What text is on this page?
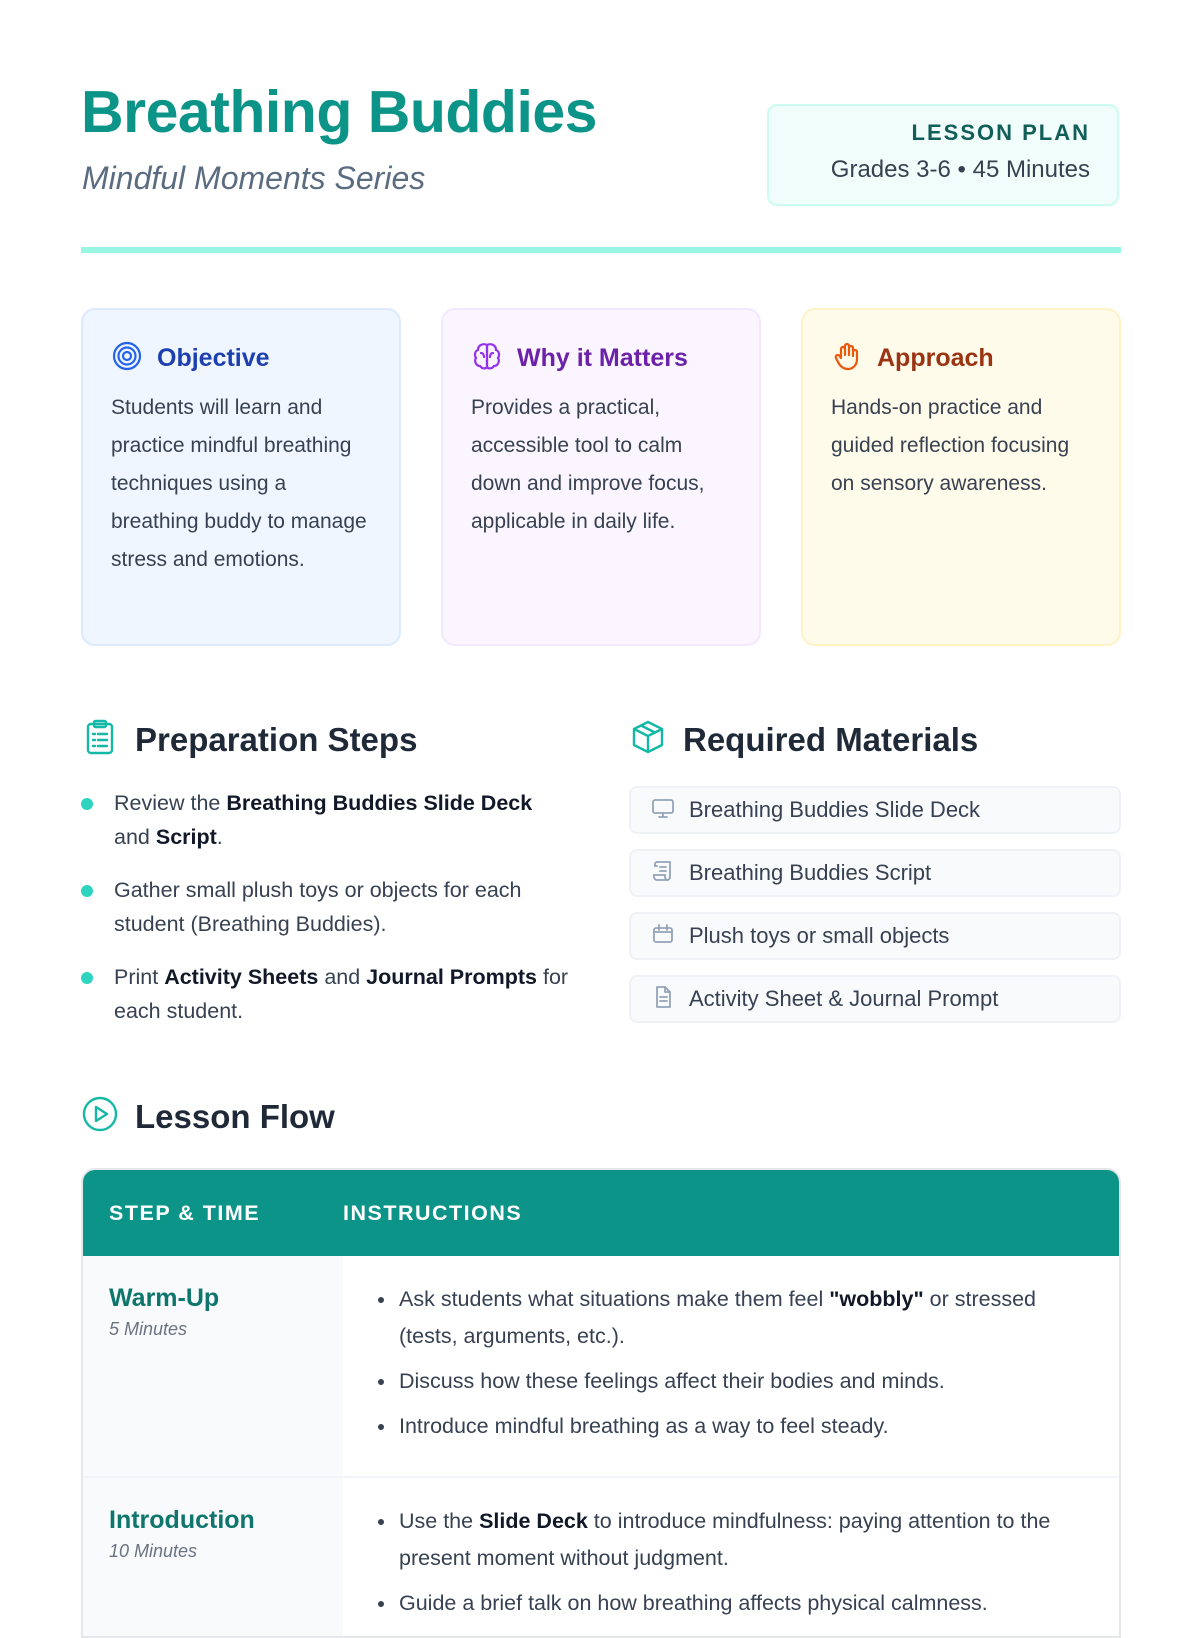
Breathing Buddies

Mindful Moments Series

LESSON PLAN
Grades 3-6 • 45 Minutes
Objective
Students will learn and practice mindful breathing techniques using a breathing buddy to manage stress and emotions.
Why it Matters
Provides a practical, accessible tool to calm down and improve focus, applicable in daily life.
Approach
Hands-on practice and guided reflection focusing on sensory awareness.
Preparation Steps
Review the Breathing Buddies Slide Deck and Script.
Gather small plush toys or objects for each student (Breathing Buddies).
Print Activity Sheets and Journal Prompts for each student.
Required Materials
Breathing Buddies Slide Deck
Breathing Buddies Script
Plush toys or small objects
Activity Sheet & Journal Prompt
Lesson Flow
STEP & TIME	INSTRUCTIONS
Warm-Up
5 Minutes
• Ask students what situations make them feel "wobbly" or stressed (tests, arguments, etc.).
• Discuss how these feelings affect their bodies and minds.
• Introduce mindful breathing as a way to feel steady.
Introduction
10 Minutes
• Use the Slide Deck to introduce mindfulness: paying attention to the present moment without judgment.
• Guide a brief talk on how breathing affects physical calmness.
